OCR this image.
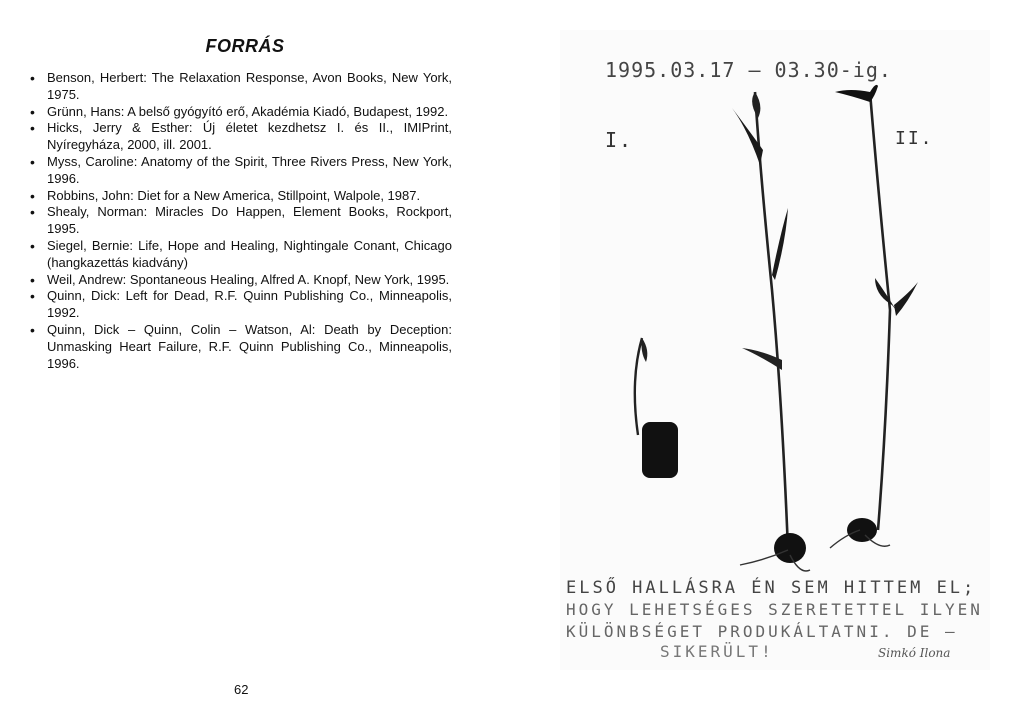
FORRÁS
• Benson, Herbert: The Relaxation Response, Avon Books, New York, 1975.
• Grünn, Hans: A belső gyógyító erő, Akadémia Kiadó, Budapest, 1992.
• Hicks, Jerry & Esther: Új életet kezdhetsz I. és II., IMIPrint, Nyíregyháza, 2000, ill. 2001.
• Myss, Caroline: Anatomy of the Spirit, Three Rivers Press, New York, 1996.
• Robbins, John: Diet for a New America, Stillpoint, Walpole, 1987.
• Shealy, Norman: Miracles Do Happen, Element Books, Rockport, 1995.
• Siegel, Bernie: Life, Hope and Healing, Nightingale Conant, Chicago (hangkazettás kiadvány)
• Weil, Andrew: Spontaneous Healing, Alfred A. Knopf, New York, 1995.
• Quinn, Dick: Left for Dead, R.F. Quinn Publishing Co., Minneapolis, 1992.
• Quinn, Dick – Quinn, Colin – Watson, Al: Death by Deception: Unmasking Heart Failure, R.F. Quinn Publishing Co., Minneapolis, 1996.
62
1995.03.17 – 03.30-ig.
I.	II.
ELSŐ HALLÁSRA ÉN SEM HITTEM EL;
HOGY LEHETSÉGES SZERETETTEL ILYEN
KÜLÖNBSÉGET PRODUKÁLTATNI. DE –
SIKERÜLT!	Simkó Ilona
